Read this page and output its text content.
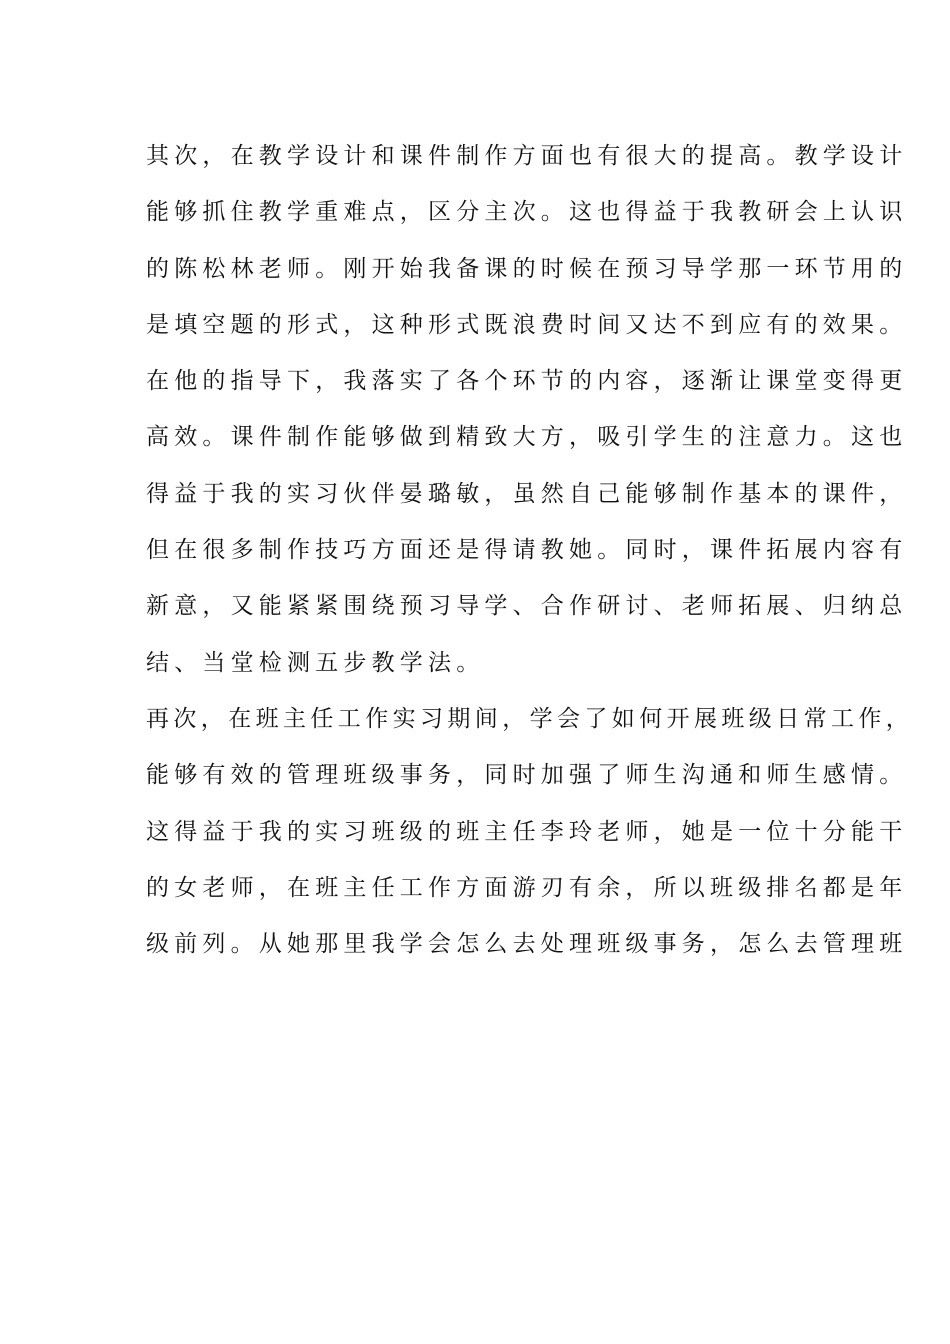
其次，在教学设计和课件制作方面也有很大的提高。教学设计
能够抓住教学重难点，区分主次。这也得益于我教研会上认识
的陈松林老师。刚开始我备课的时候在预习导学那一环节用的
是填空题的形式，这种形式既浪费时间又达不到应有的效果。
在他的指导下，我落实了各个环节的内容，逐渐让课堂变得更
高效。课件制作能够做到精致大方，吸引学生的注意力。这也
得益于我的实习伙伴晏璐敏，虽然自己能够制作基本的课件，
但在很多制作技巧方面还是得请教她。同时，课件拓展内容有
新意，又能紧紧围绕预习导学、合作研讨、老师拓展、归纳总
结、当堂检测五步教学法。
再次，在班主任工作实习期间，学会了如何开展班级日常工作，
能够有效的管理班级事务，同时加强了师生沟通和师生感情。
这得益于我的实习班级的班主任李玲老师，她是一位十分能干
的女老师，在班主任工作方面游刃有余，所以班级排名都是年
级前列。从她那里我学会怎么去处理班级事务，怎么去管理班
